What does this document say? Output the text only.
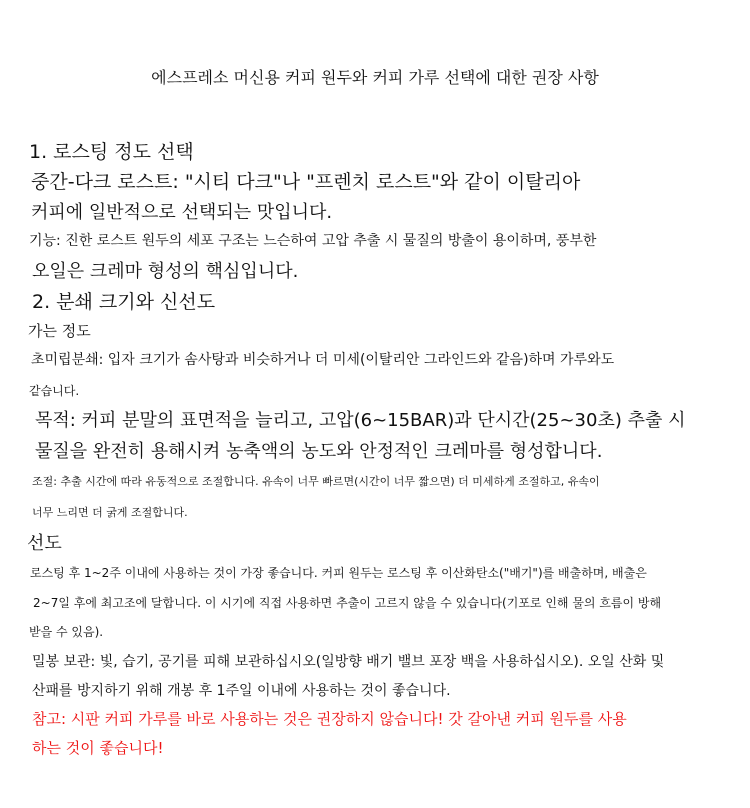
에스프레소 머신용 커피 원두와 커피 가루 선택에 대한 권장 사항
1. 로스팅 정도 선택
중간-다크 로스트: "시티 다크"나 "프렌치 로스트"와 같이 이탈리아
커피에 일반적으로 선택되는 맛입니다.
기능: 진한 로스트 원두의 세포 구조는 느슨하여 고압 추출 시 물질의 방출이 용이하며, 풍부한
오일은 크레마 형성의 핵심입니다.
2. 분쇄 크기와 신선도
가는 정도
초미립분쇄: 입자 크기가 솜사탕과 비슷하거나 더 미세(이탈리안 그라인드와 같음)하며 가루와도
같습니다.
목적: 커피 분말의 표면적을 늘리고, 고압(6~15BAR)과 단시간(25~30초) 추출 시
물질을 완전히 용해시켜 농축액의 농도와 안정적인 크레마를 형성합니다.
조절: 추출 시간에 따라 유동적으로 조절합니다. 유속이 너무 빠르면(시간이 너무 짧으면) 더 미세하게 조절하고, 유속이
너무 느리면 더 굵게 조절합니다.
선도
로스팅 후 1~2주 이내에 사용하는 것이 가장 좋습니다. 커피 원두는 로스팅 후 이산화탄소("배기")를 배출하며, 배출은
2~7일 후에 최고조에 달합니다. 이 시기에 직접 사용하면 추출이 고르지 않을 수 있습니다(기포로 인해 물의 흐름이 방해
받을 수 있음).
밀봉 보관: 빛, 습기, 공기를 피해 보관하십시오(일방향 배기 밸브 포장 백을 사용하십시오). 오일 산화 및
산패를 방지하기 위해 개봉 후 1주일 이내에 사용하는 것이 좋습니다.
참고: 시판 커피 가루를 바로 사용하는 것은 권장하지 않습니다! 갓 갈아낸 커피 원두를 사용
하는 것이 좋습니다!
